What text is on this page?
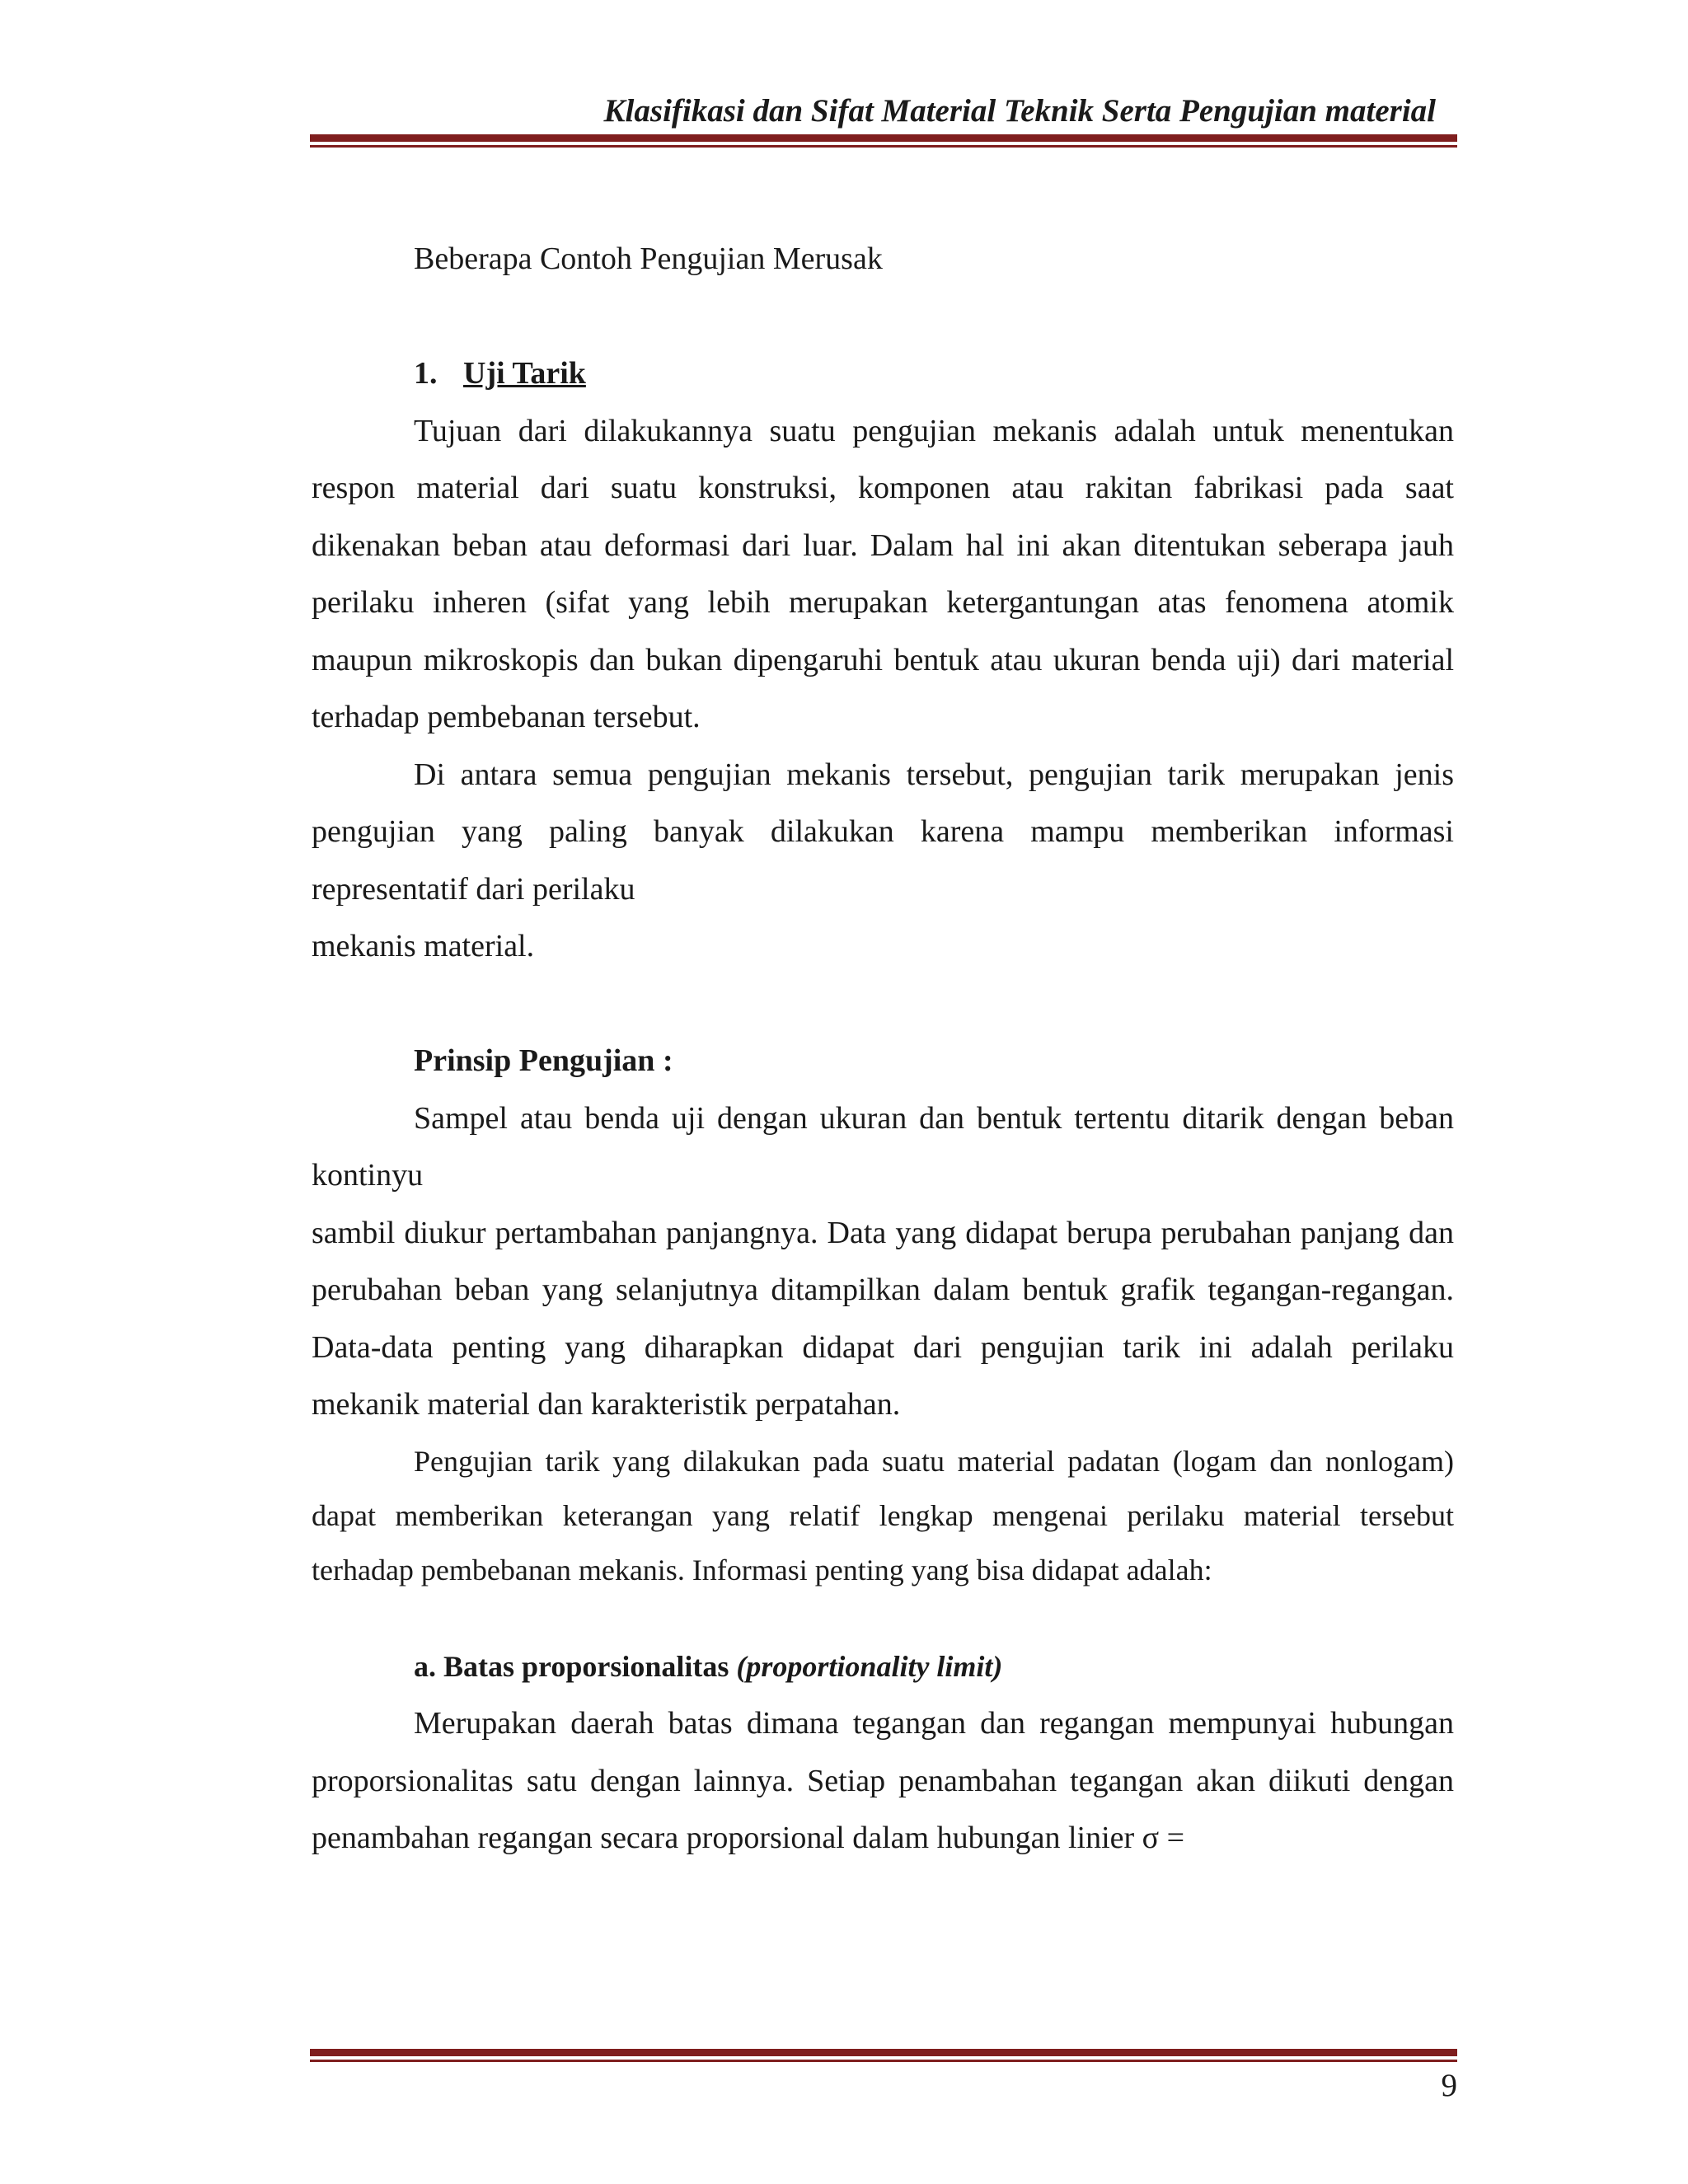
Klasifikasi dan Sifat Material Teknik Serta Pengujian material

Beberapa Contoh Pengujian Merusak

1. Uji Tarik

Tujuan dari dilakukannya suatu pengujian mekanis adalah untuk menentukan respon material dari suatu konstruksi, komponen atau rakitan fabrikasi pada saat dikenakan beban atau deformasi dari luar. Dalam hal ini akan ditentukan seberapa jauh perilaku inheren (sifat yang lebih merupakan ketergantungan atas fenomena atomik maupun mikroskopis dan bukan dipengaruhi bentuk atau ukuran benda uji) dari material terhadap pembebanan tersebut.

Di antara semua pengujian mekanis tersebut, pengujian tarik merupakan jenis pengujian yang paling banyak dilakukan karena mampu memberikan informasi representatif dari perilaku

mekanis material.

Prinsip Pengujian :

Sampel atau benda uji dengan ukuran dan bentuk tertentu ditarik dengan beban kontinyu

sambil diukur pertambahan panjangnya. Data yang didapat berupa perubahan panjang dan perubahan beban yang selanjutnya ditampilkan dalam bentuk grafik tegangan-regangan. Data-data penting yang diharapkan didapat dari pengujian tarik ini adalah perilaku mekanik material dan karakteristik perpatahan.

Pengujian tarik yang dilakukan pada suatu material padatan (logam dan nonlogam) dapat memberikan keterangan yang relatif lengkap mengenai perilaku material tersebut terhadap pembebanan mekanis. Informasi penting yang bisa didapat adalah:

a. Batas proporsionalitas (proportionality limit)

Merupakan daerah batas dimana tegangan dan regangan mempunyai hubungan proporsionalitas satu dengan lainnya. Setiap penambahan tegangan akan diikuti dengan penambahan regangan secara proporsional dalam hubungan linier σ =

9
